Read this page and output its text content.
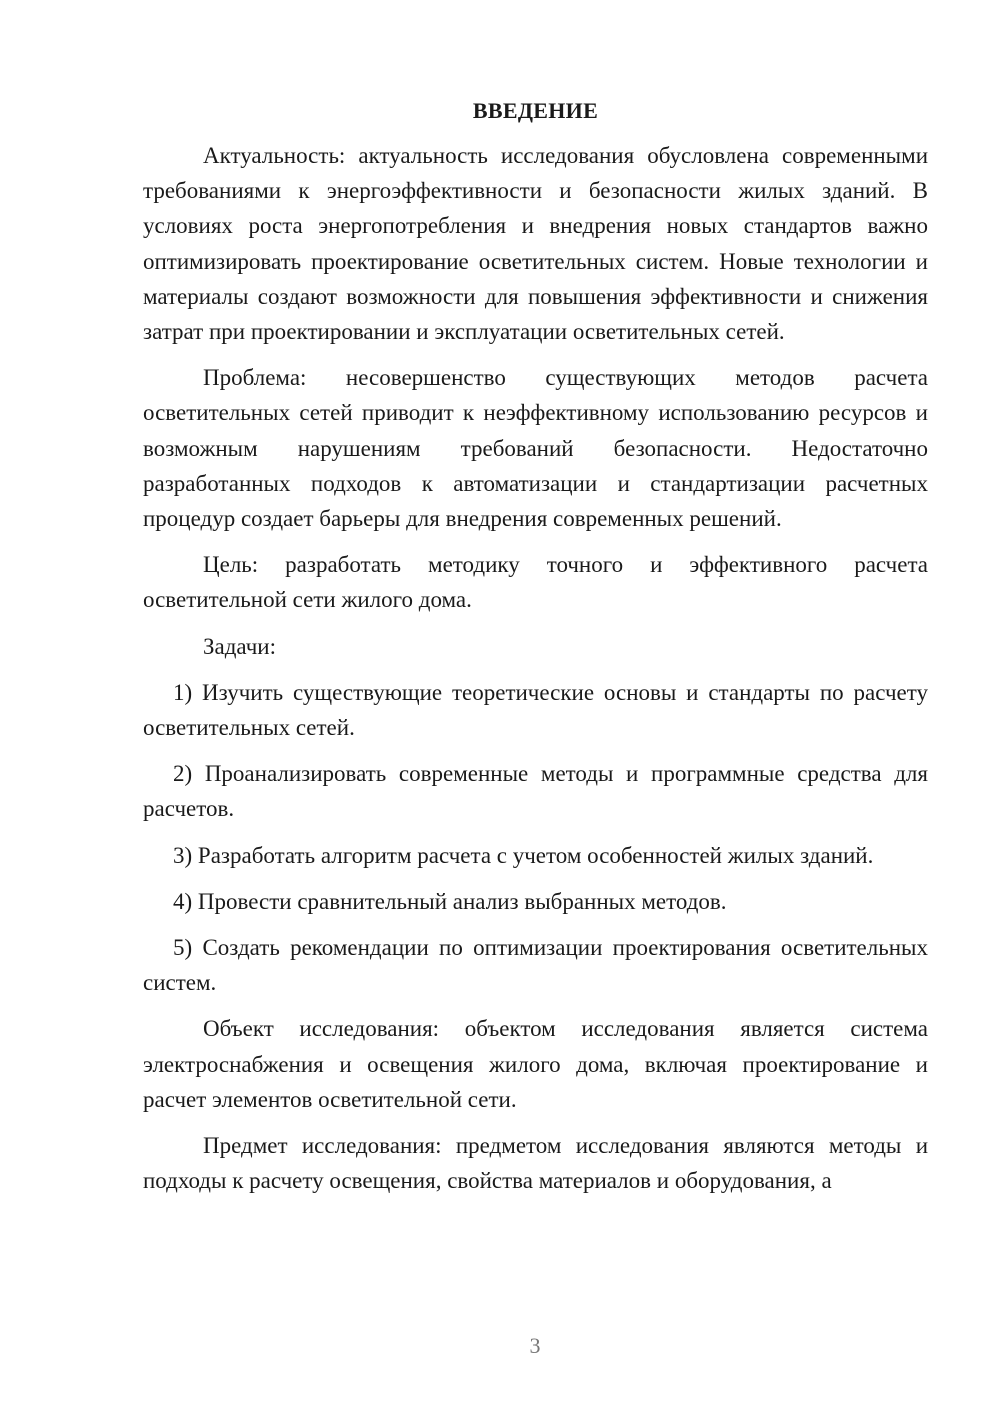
ВВЕДЕНИЕ

Актуальность: актуальность исследования обусловлена современными требованиями к энергоэффективности и безопасности жилых зданий. В условиях роста энергопотребления и внедрения новых стандартов важно оптимизировать проектирование осветительных систем. Новые технологии и материалы создают возможности для повышения эффективности и снижения затрат при проектировании и эксплуатации осветительных сетей.

Проблема: несовершенство существующих методов расчета осветительных сетей приводит к неэффективному использованию ресурсов и возможным нарушениям требований безопасности. Недостаточно разработанных подходов к автоматизации и стандартизации расчетных процедур создает барьеры для внедрения современных решений.

Цель: разработать методику точного и эффективного расчета осветительной сети жилого дома.

Задачи:

1) Изучить существующие теоретические основы и стандарты по расчету осветительных сетей.

2) Проанализировать современные методы и программные средства для расчетов.

3) Разработать алгоритм расчета с учетом особенностей жилых зданий.

4) Провести сравнительный анализ выбранных методов.

5) Создать рекомендации по оптимизации проектирования осветительных систем.

Объект исследования: объектом исследования является система электроснабжения и освещения жилого дома, включая проектирование и расчет элементов осветительной сети.

Предмет исследования: предметом исследования являются методы и подходы к расчету освещения, свойства материалов и оборудования, а

3
